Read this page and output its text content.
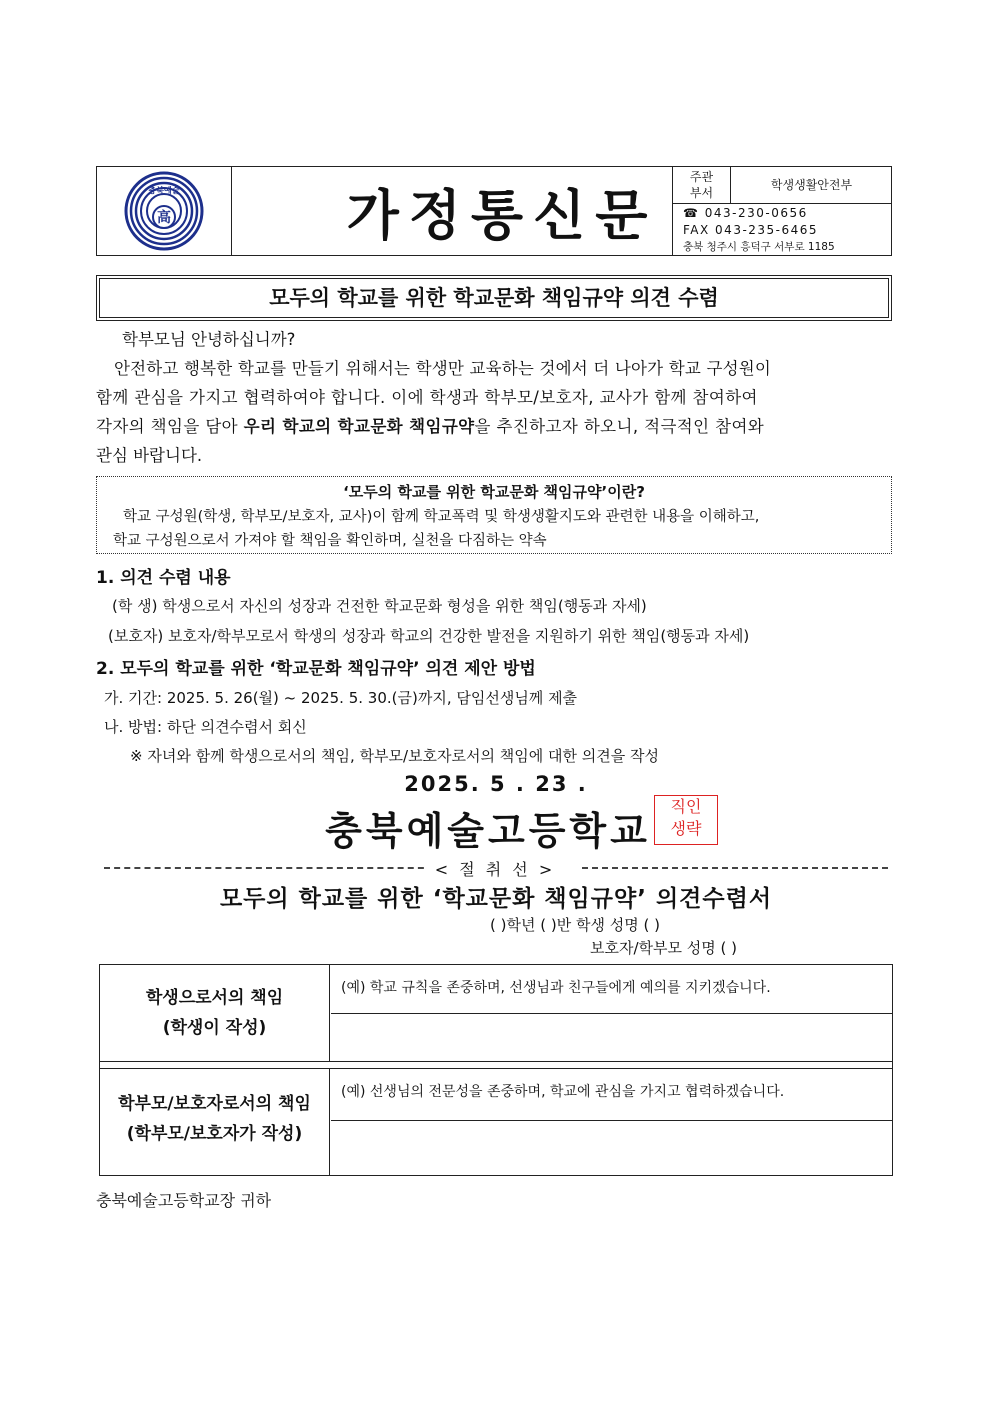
충북예술
高	가정통신문
주관
부서
학생생활안전부
☎ 043-230-0656
FAX 043-235-6465
충북 청주시 흥덕구 서부로 1185
모두의 학교를 위한 학교문화 책임규약 의견 수렴
학부모님 안녕하십니까?
안전하고 행복한 학교를 만들기 위해서는 학생만 교육하는 것에서 더 나아가 학교 구성원이
함께 관심을 가지고 협력하여야 합니다. 이에 학생과 학부모/보호자, 교사가 함께 참여하여
각자의 책임을 담아 우리 학교의 학교문화 책임규약을 추진하고자 하오니, 적극적인 참여와
관심 바랍니다.
‘모두의 학교를 위한 학교문화 책임규약’이란?
학교 구성원(학생, 학부모/보호자, 교사)이 함께 학교폭력 및 학생생활지도와 관련한 내용을 이해하고,
학교 구성원으로서 가져야 할 책임을 확인하며, 실천을 다짐하는 약속
1. 의견 수렴 내용
(학 생) 학생으로서 자신의 성장과 건전한 학교문화 형성을 위한 책임(행동과 자세)
(보호자) 보호자/학부모로서 학생의 성장과 학교의 건강한 발전을 지원하기 위한 책임(행동과 자세)
2. 모두의 학교를 위한 ‘학교문화 책임규약’ 의견 제안 방법
가. 기간: 2025. 5. 26(월) ~ 2025. 5. 30.(금)까지, 담임선생님께 제출
나. 방법: 하단 의견수렴서 회신
※ 자녀와 함께 학생으로서의 책임, 학부모/보호자로서의 책임에 대한 의견을 작성
2025. 5 . 23 .
충북예술고등학교
직인
생략
< 절 취 선 >
모두의 학교를 위한 ‘학교문화 책임규약’ 의견수렴서
( )학년 ( )반 학생 성명 ( )
보호자/학부모 성명 ( )
학생으로서의 책임
(학생이 작성)
(예) 학교 규칙을 존중하며, 선생님과 친구들에게 예의를 지키겠습니다.
학부모/보호자로서의 책임
(학부모/보호자가 작성)
(예) 선생님의 전문성을 존중하며, 학교에 관심을 가지고 협력하겠습니다.
충북예술고등학교장 귀하
